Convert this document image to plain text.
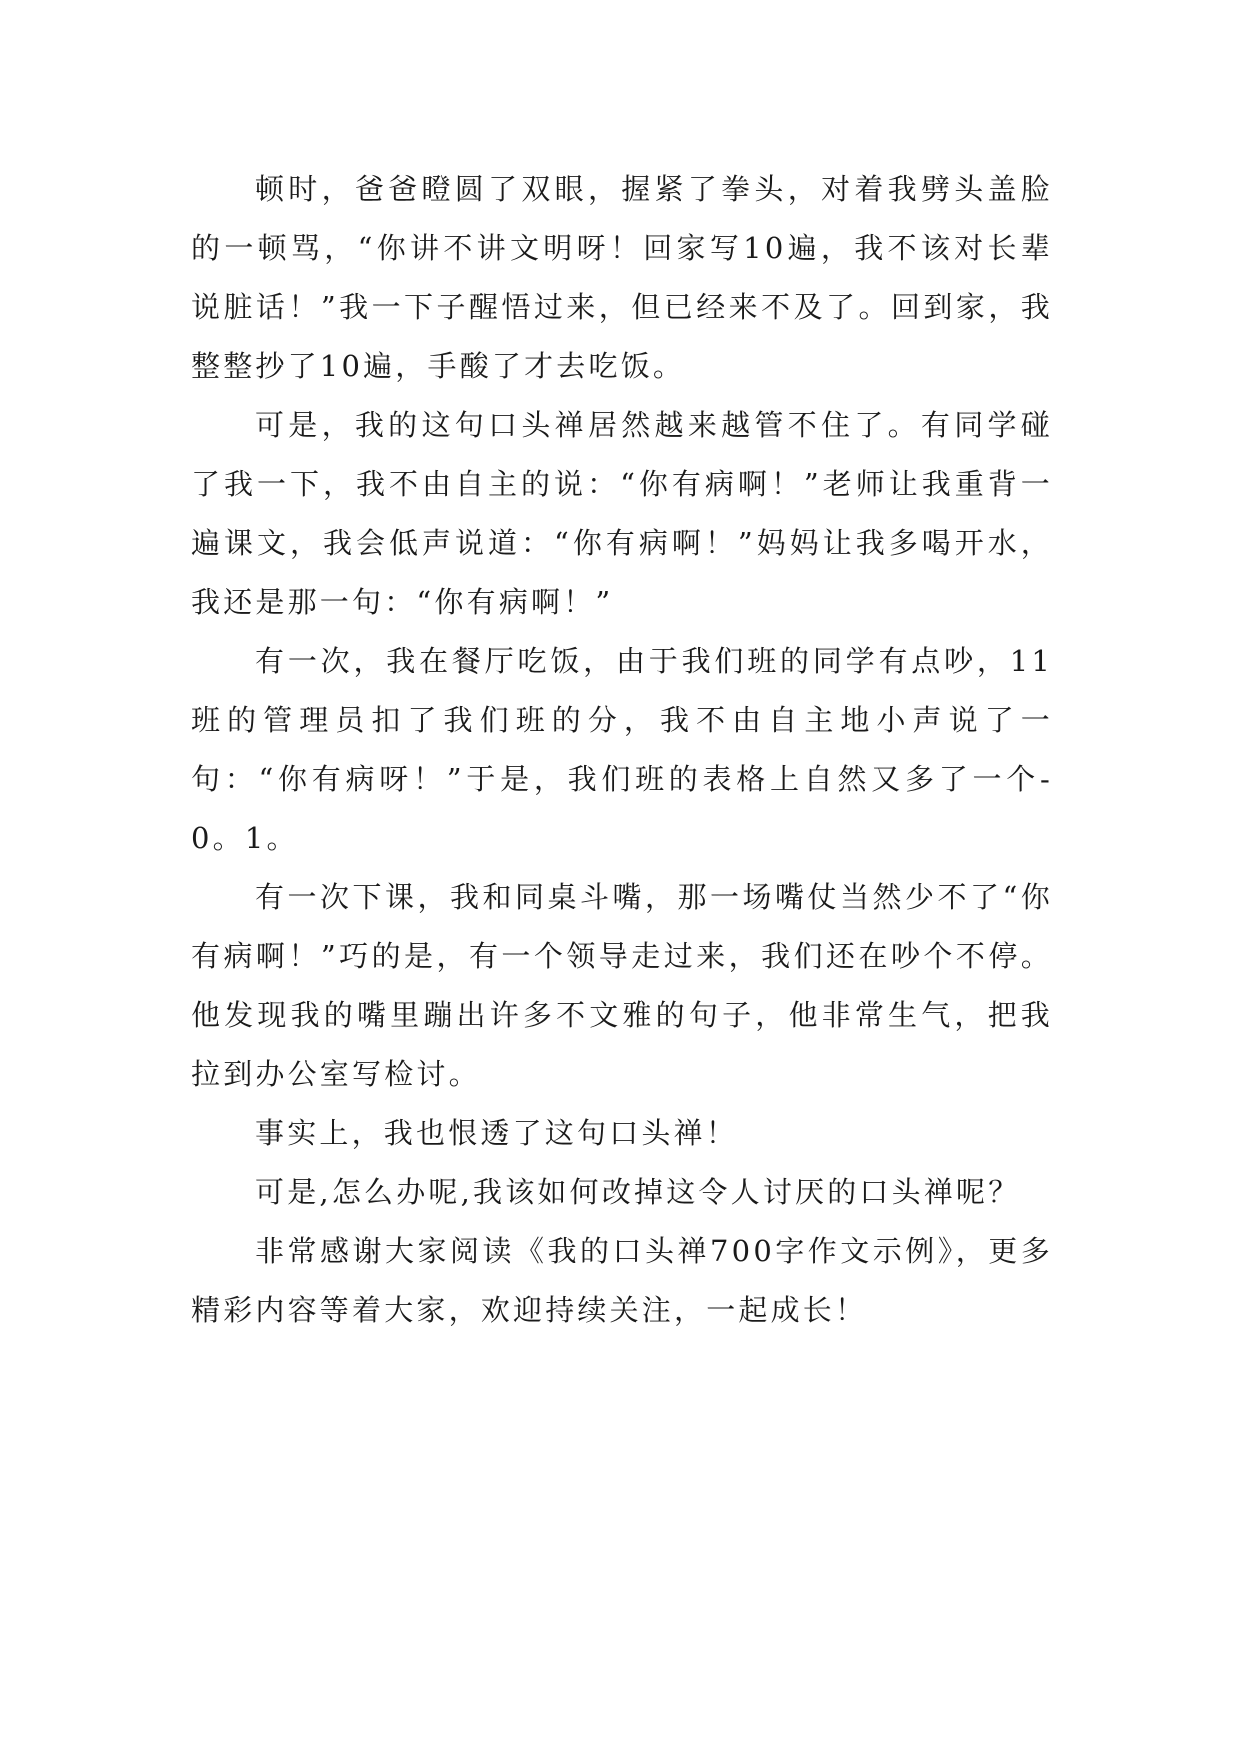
顿时，爸爸瞪圆了双眼，握紧了拳头，对着我劈头盖脸的一顿骂，“你讲不讲文明呀！回家写10遍，我不该对长辈说脏话！”我一下子醒悟过来，但已经来不及了。回到家，我整整抄了10遍，手酸了才去吃饭。

可是，我的这句口头禅居然越来越管不住了。有同学碰了我一下，我不由自主的说：“你有病啊！”老师让我重背一遍课文，我会低声说道：“你有病啊！”妈妈让我多喝开水，我还是那一句：“你有病啊！”

有一次，我在餐厅吃饭，由于我们班的同学有点吵，11班的管理员扣了我们班的分，我不由自主地小声说了一句：“你有病呀！”于是，我们班的表格上自然又多了一个-0。1。

有一次下课，我和同桌斗嘴，那一场嘴仗当然少不了“你有病啊！”巧的是，有一个领导走过来，我们还在吵个不停。他发现我的嘴里蹦出许多不文雅的句子，他非常生气，把我拉到办公室写检讨。

事实上，我也恨透了这句口头禅！

可是,怎么办呢,我该如何改掉这令人讨厌的口头禅呢？

非常感谢大家阅读《我的口头禅700字作文示例》，更多精彩内容等着大家，欢迎持续关注，一起成长！
